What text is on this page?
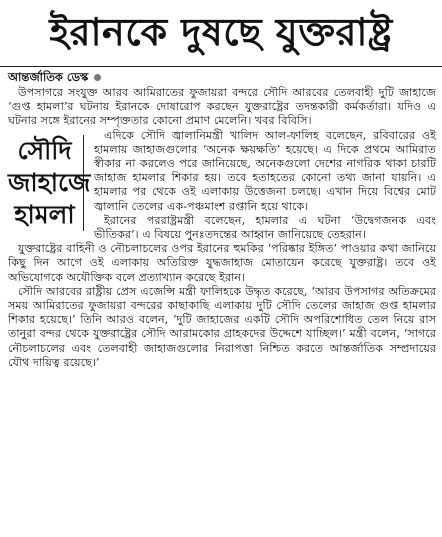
ইরানকে দুষছে যুক্তরাষ্ট্র
আন্তর্জাতিক ডেস্ক

উপসাগরে সংযুক্ত আরব আমিরাতের ফুজায়রা বন্দরে সৌদি আরবের তেলবাহী দুটি জাহাজে ‘গুপ্ত হামলা’র ঘটনায় ইরানকে দোষারোপ করছেন যুক্তরাষ্ট্রের তদন্তকারী কর্মকর্তারা। যদিও এ ঘটনার সঙ্গে ইরানের সম্পৃক্ততার কোনো প্রমাণ মেলেনি। খবর বিবিসি।

সৌদি
জাহাজে
হামলা

এদিকে সৌদি জ্বালানিমন্ত্রী খালিদ আল-ফালিহ বলেছেন, রবিবারের ওই হামলায় জাহাজগুলোর ‘অনেক ক্ষয়ক্ষতি’ হয়েছে। এ দিকে প্রথমে আমিরাত স্বীকার না করলেও পরে জানিয়েছে, অনেকগুলো দেশের নাগরিক থাকা চারটি জাহাজ হামলার শিকার হয়। তবে হতাহতের কোনো তথ্য জানা যায়নি। এ হামলার পর থেকে ওই এলাকায় উত্তেজনা চলছে। এখান দিয়ে বিশ্বের মোট জ্বালানি তেলের এক-পঞ্চমাংশ রপ্তানি হয়ে থাকে।

ইরানের পররাষ্ট্রমন্ত্রী বলেছেন, হামলার এ ঘটনা ‘উদ্বেগজনক এবং ভীতিকর’। এ বিষয়ে পুনঃতদন্তের আহ্বান জানিয়েছে তেহরান।

যুক্তরাষ্ট্রের বাহিনী ও নৌচলাচলের ওপর ইরানের হুমকির ‘পরিষ্কার ইঙ্গিত’ পাওয়ার কথা জানিয়ে কিছু দিন আগে ওই এলাকায় অতিরিক্ত যুদ্ধজাহাজ মোতায়েন করেছে যুক্তরাষ্ট্র। তবে ওই অভিযোগকে অযৌক্তিক বলে প্রত্যাখ্যান করেছে ইরান।

সৌদি আরবের রাষ্ট্রীয় প্রেস এজেন্সি মন্ত্রী ফালিহকে উদ্ধৃত করেছে, ‘আরব উপসাগর অতিক্রমের সময় আমিরাতের ফুজায়রা বন্দরের কাছাকাছি এলাকায় দুটি সৌদি তেলের জাহাজ গুপ্ত হামলার শিকার হয়েছে।’ তিনি আরও বলেন, ‘দুটি জাহাজের একটি সৌদি অপরিশোধিত তেল নিয়ে রাস তানুরা বন্দর থেকে যুক্তরাষ্ট্রের সৌদি আরামকোর গ্রাহকদের উদ্দেশে যাচ্ছিল।’ মন্ত্রী বলেন, ‘সাগরে নৌচলাচলের এবং তেলবাহী জাহাজগুলোর নিরাপত্তা নিশ্চিত করতে আন্তর্জাতিক সম্প্রদায়ের যৌথ দায়িত্ব রয়েছে।’
